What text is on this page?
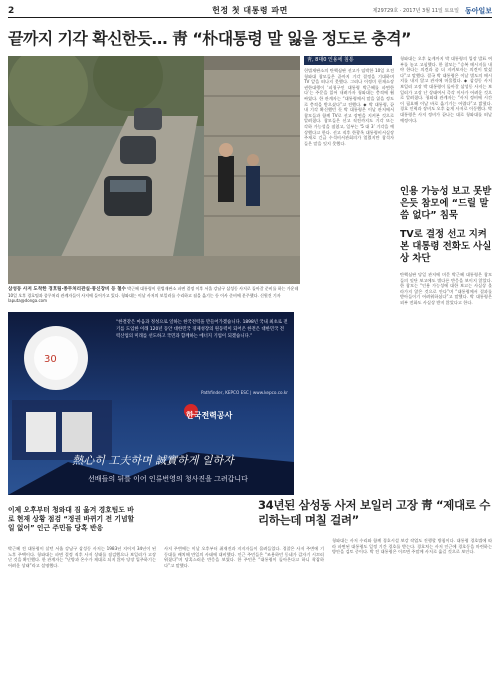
2	헌정 첫 대통령 파면	제29729호 · 2017년 3월 11일 토요일 동아일보
끝까지 기각 확신한듯… 靑 “朴대통령 말 잃을 정도로 충격”
삼성동 사저 도착한 경호팀·종무처리관실·통신장비 등 철수 박근혜 대통령이 헌법재판소 파면 결정 이후 서울 강남구 삼성동 사저로 돌아갈 준비를 하는 가운데 10일 오후 경호팀과 종무처리 관계자들이 사저에 들어가고 있다. 청와대는 이날 사저의 보일러를 수리하고 짐을 옮기는 등 이사 준비에 분주했다. 신원건 기자 laputa@donga.com
靑, 8대0 인용에 침통
헌법재판소의 탄핵심판 선고가 임박한 10일 오전 청와대 참모들은 끝까지 기각 결정을 기대하며 TV 앞을 떠나지 못했다. 그러나 이정미 헌재소장 권한대행이 ‘피청구인 대통령 박근혜를 파면한다’는 주문을 읽어 내려가자 청와대는 충격에 휩싸였다. 한 관계자는 “대통령께서 말을 잃을 정도로 충격을 받으셨다”고 전했다. ◆ 박 대통령, 끝내 기각 확신했던 듯 박 대통령은 이날 관저에서 참모들과 함께 TV로 선고 장면을 지켜본 것으로 알려졌다. 참모들은 선고 직전까지도 기각 또는 각하 가능성을 점쳤고, 일부는 ‘5 대 3’ 기각을 예상했다고 한다. 선고 직후 한광옥 대통령비서실장 주재로 긴급 수석비서관회의가 열렸지만 참석자들은 말을 잇지 못했다.
청와대는 오후 늦게까지 박 대통령의 입장 발표 여부를 놓고 고심했다. 한 참모는 “승복 메시지를 내야 한다는 의견과 좀 더 지켜보자는 의견이 맞섰다”고 말했다. 결국 박 대통령은 이날 별도의 메시지를 내지 않고 관저에 머물렀다. ◆ 삼성동 사저 보일러 고장 박 대통령이 돌아갈 삼성동 사저는 보일러가 고장 난 상태여서 즉각 이사가 어려운 것으로 알려졌다. 청와대 관계자는 “사저 정비에 시간이 필요해 이날 바로 옮기기는 어렵다”고 밝혔다. 경호 인력과 장비도 오후 늦게 사저로 이동했다. 박 대통령은 사저 정비가 끝나는 대로 청와대를 떠날 예정이다.
인용 가능성 보고 못받은듯 참모에 “드릴 말씀 없다” 침묵
TV로 결정 선고 지켜본 대통령 전화도 사실상 차단
탄핵심판 당일 관저에 머문 박근혜 대통령은 참모들의 잇단 보고에도 별다른 반응을 보이지 않았다. 한 참모는 “인용 가능성에 대한 보고는 사실상 올라가지 않은 것으로 안다”며 “대통령께서 결과를 받아들이기 어려워하셨다”고 말했다. 박 대통령은 외부 전화도 사실상 받지 않았다고 한다.
30
“한결같은 마음과 정성으로 일하는 한국전력을 만들어가겠습니다. 1898년 국내 최초로 전기를 도입한 이래 120년 동안 대한민국 경제성장의 원동력이 되어온 한전은 대한민국 전력산업의 미래를 선도하고 국민과 함께하는 에너지 기업이 되겠습니다.”
Pathfinder, KEPCO ESC | www.kepco.co.kr
한국전력공사
선배들의 뒤를 이어 인류번영의 청사진을 그려갑니다
熱心히 工夫하며 誠實하게 일하자
34년된 삼성동 사저 보일러 고장 靑 “제대로 수리하는데 며칠 걸려”
이제 오후부터 청와대 짐 옮겨 경호팀도 바로 현재 상황 점검 “정권 바뀌기 전 기념할 일 없어” 인근 주민들 당혹 반응
박근혜 전 대통령이 살던 서울 강남구 삼성동 사저는 1983년 지어져 34년이 된 노후 주택이다. 청와대는 파면 결정 직후 사저 상태를 점검했으나 보일러가 고장 난 것을 확인했다. 한 관계자는 “난방과 온수가 제대로 되지 않아 당장 입주하기는 어려운 상태”라고 설명했다.
사저 주변에는 이날 오후부터 취재진과 지지자들이 몰려들었다. 경찰은 사저 주변에 기동대를 배치해 만일의 사태에 대비했다. 인근 주민들은 “조용하던 동네가 갑자기 시끄러워졌다”며 당혹스러운 반응을 보였다. 한 주민은 “대통령이 돌아온다고 하니 착잡하다”고 말했다.
청와대는 사저 수리와 함께 경호시설 보강 작업도 진행할 방침이다. 대통령 경호법에 따라 파면된 대통령도 일정 기간 경호를 받는다. 경호처는 사저 인근에 경호동을 마련하는 방안을 검토 중이다. 박 전 대통령은 이르면 주말께 사저로 옮길 것으로 보인다.
